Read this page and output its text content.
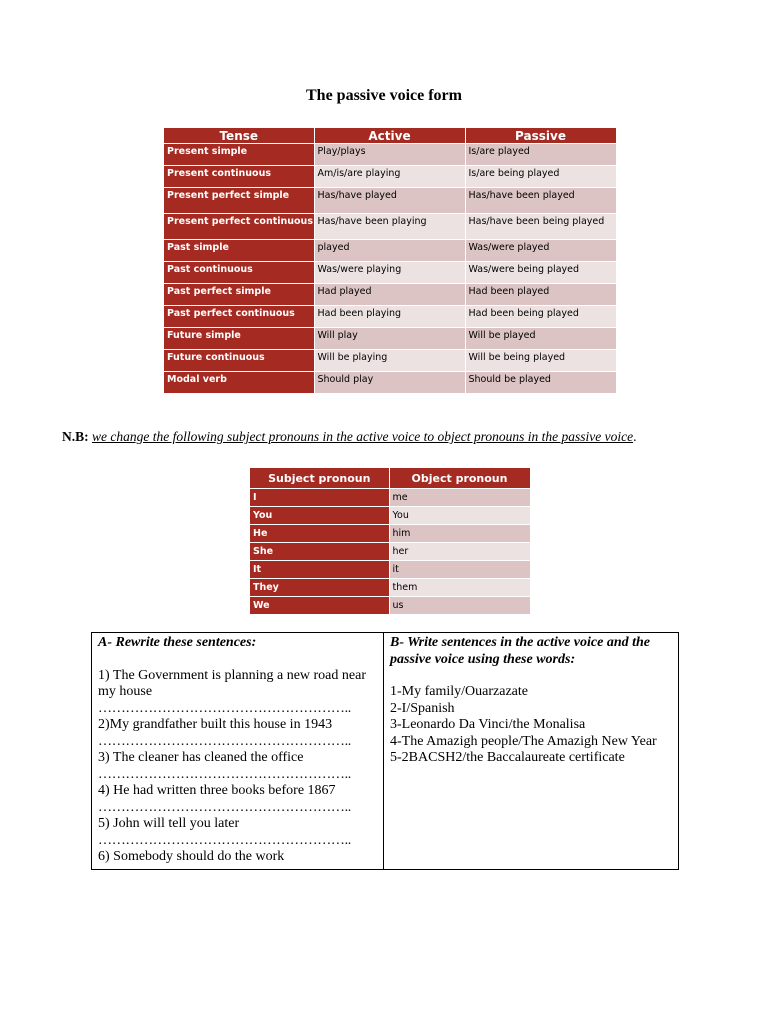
The passive voice form
Tense	Active	Passive
Present simple	Play/plays	Is/are played
Present continuous	Am/is/are playing	Is/are being played
Present perfect simple	Has/have played	Has/have been played
Present perfect continuous	Has/have been playing	Has/have been being played
Past simple	played	Was/were played
Past continuous	Was/were playing	Was/were being played
Past perfect simple	Had played	Had been played
Past perfect continuous	Had been playing	Had been being played
Future simple	Will play	Will be played
Future continuous	Will be playing	Will be being played
Modal verb	Should play	Should be played
N.B: we change the following subject pronouns in the active voice to object pronouns in the passive voice.
Subject pronoun	Object pronoun
I	me
You	You
He	him
She	her
It	it
They	them
We	us
A- Rewrite these sentences:
1) The Government is planning a new road near my house
………………………………………………..
2)My grandfather built this house in 1943
………………………………………………..
3) The cleaner has cleaned the office
………………………………………………..
4) He had written three books before 1867
………………………………………………..
5) John will tell you later
………………………………………………..
6) Somebody should do the work

B- Write sentences in the active voice and the passive voice using these words:
1-My family/Ouarzazate
2-I/Spanish
3-Leonardo Da Vinci/the Monalisa
4-The Amazigh people/The Amazigh New Year
5-2BACSH2/the Baccalaureate certificate
